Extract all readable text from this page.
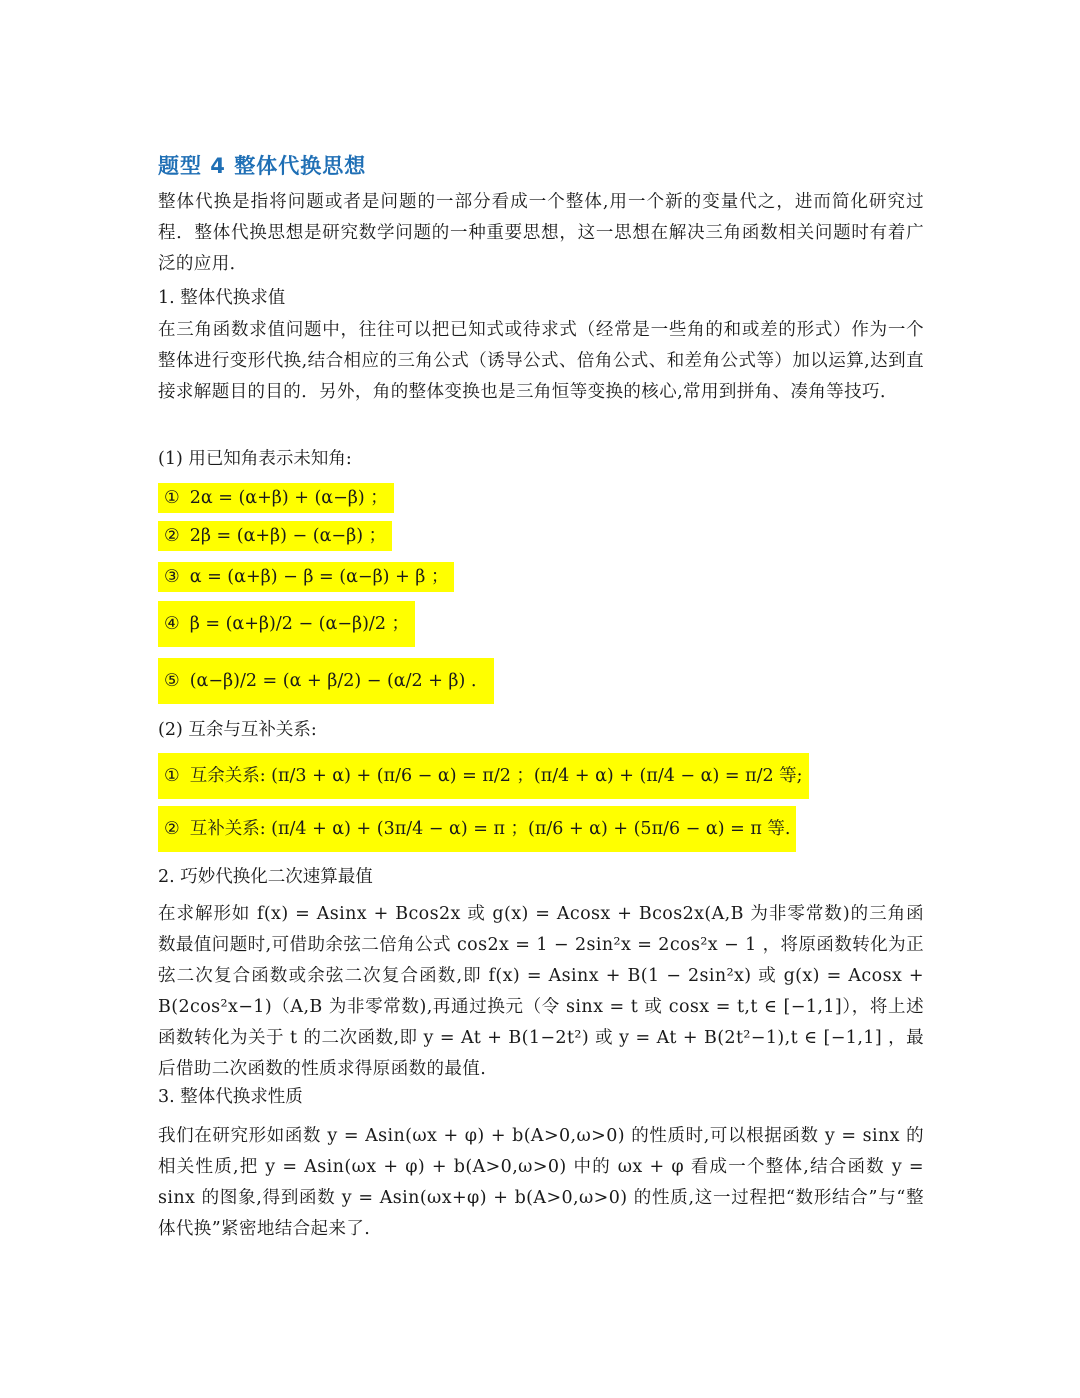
题型 4 整体代换思想
整体代换是指将问题或者是问题的一部分看成一个整体,用一个新的变量代之，进而简化研究过程．整体代换思想是研究数学问题的一种重要思想，这一思想在解决三角函数相关问题时有着广泛的应用．
1. 整体代换求值
在三角函数求值问题中，往往可以把已知式或待求式（经常是一些角的和或差的形式）作为一个整体进行变形代换,结合相应的三角公式（诱导公式、倍角公式、和差角公式等）加以运算,达到直接求解题目的目的．另外，角的整体变换也是三角恒等变换的核心,常用到拼角、凑角等技巧．
(1) 用已知角表示未知角:
① 2α = (α+β) + (α−β) ；
② 2β = (α+β) − (α−β) ；
③ α = (α+β) − β = (α−β) + β ；
④ β = (α+β)/2 − (α−β)/2 ；
⑤ (α−β)/2 = (α + β/2) − (α/2 + β) ．
(2) 互余与互补关系:
① 互余关系: (π/3 + α) + (π/6 − α) = π/2 ；(π/4 + α) + (π/4 − α) = π/2 等;
② 互补关系: (π/4 + α) + (3π/4 − α) = π ；(π/6 + α) + (5π/6 − α) = π 等.
2. 巧妙代换化二次速算最值
在求解形如 f(x) = Asinx + Bcos2x 或 g(x) = Acosx + Bcos2x(A,B 为非零常数)的三角函数最值问题时,可借助余弦二倍角公式 cos2x = 1 − 2sin²x = 2cos²x − 1 ，将原函数转化为正弦二次复合函数或余弦二次复合函数,即 f(x) = Asinx + B(1 − 2sin²x) 或 g(x) = Acosx + B(2cos²x−1)（A,B 为非零常数),再通过换元（令 sinx = t 或 cosx = t,t ∈ [−1,1]），将上述函数转化为关于 t 的二次函数,即 y = At + B(1−2t²) 或 y = At + B(2t²−1),t ∈ [−1,1] ，最后借助二次函数的性质求得原函数的最值.
3. 整体代换求性质
我们在研究形如函数 y = Asin(ωx + φ) + b(A>0,ω>0) 的性质时,可以根据函数 y = sinx 的相关性质,把 y = Asin(ωx + φ) + b(A>0,ω>0) 中的 ωx + φ 看成一个整体,结合函数 y = sinx 的图象,得到函数 y = Asin(ωx+φ) + b(A>0,ω>0) 的性质,这一过程把“数形结合”与“整体代换”紧密地结合起来了.
